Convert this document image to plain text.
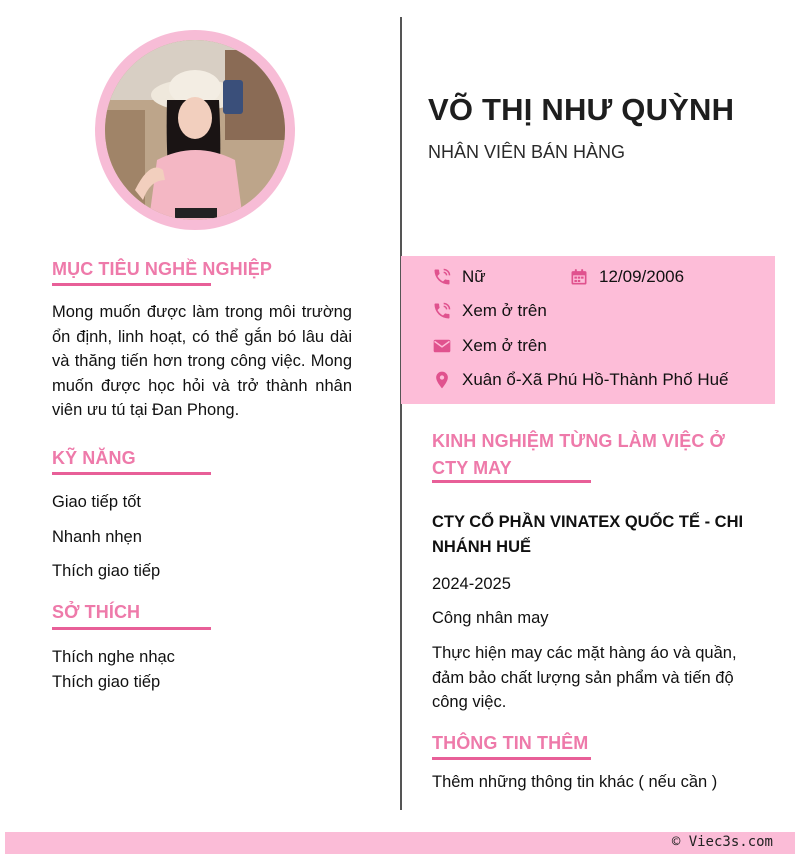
VÕ THỊ NHƯ QUỲNH
NHÂN VIÊN BÁN HÀNG
MỤC TIÊU NGHỀ NGHIỆP
Mong muốn được làm trong môi trường ổn định, linh hoạt, có thể gắn bó lâu dài và thăng tiến hơn trong công việc. Mong muốn được học hỏi và trở thành nhân viên ưu tú tại Đan Phong.
KỸ NĂNG
Giao tiếp tốt
Nhanh nhẹn
Thích giao tiếp
SỞ THÍCH
Thích nghe nhạc
Thích giao tiếp
Nữ	12/09/2006
Xem ở trên
Xem ở trên
Xuân ổ-Xã Phú Hồ-Thành Phố Huế
KINH NGHIỆM TỪNG LÀM VIỆC Ở CTY MAY
CTY CỔ PHẦN VINATEX QUỐC TẾ - CHI NHÁNH HUẾ
2024-2025
Công nhân may
Thực hiện may các mặt hàng áo và quần, đảm bảo chất lượng sản phẩm và tiến độ công việc.
THÔNG TIN THÊM
Thêm những thông tin khác ( nếu cần )
© Viec3s.com
